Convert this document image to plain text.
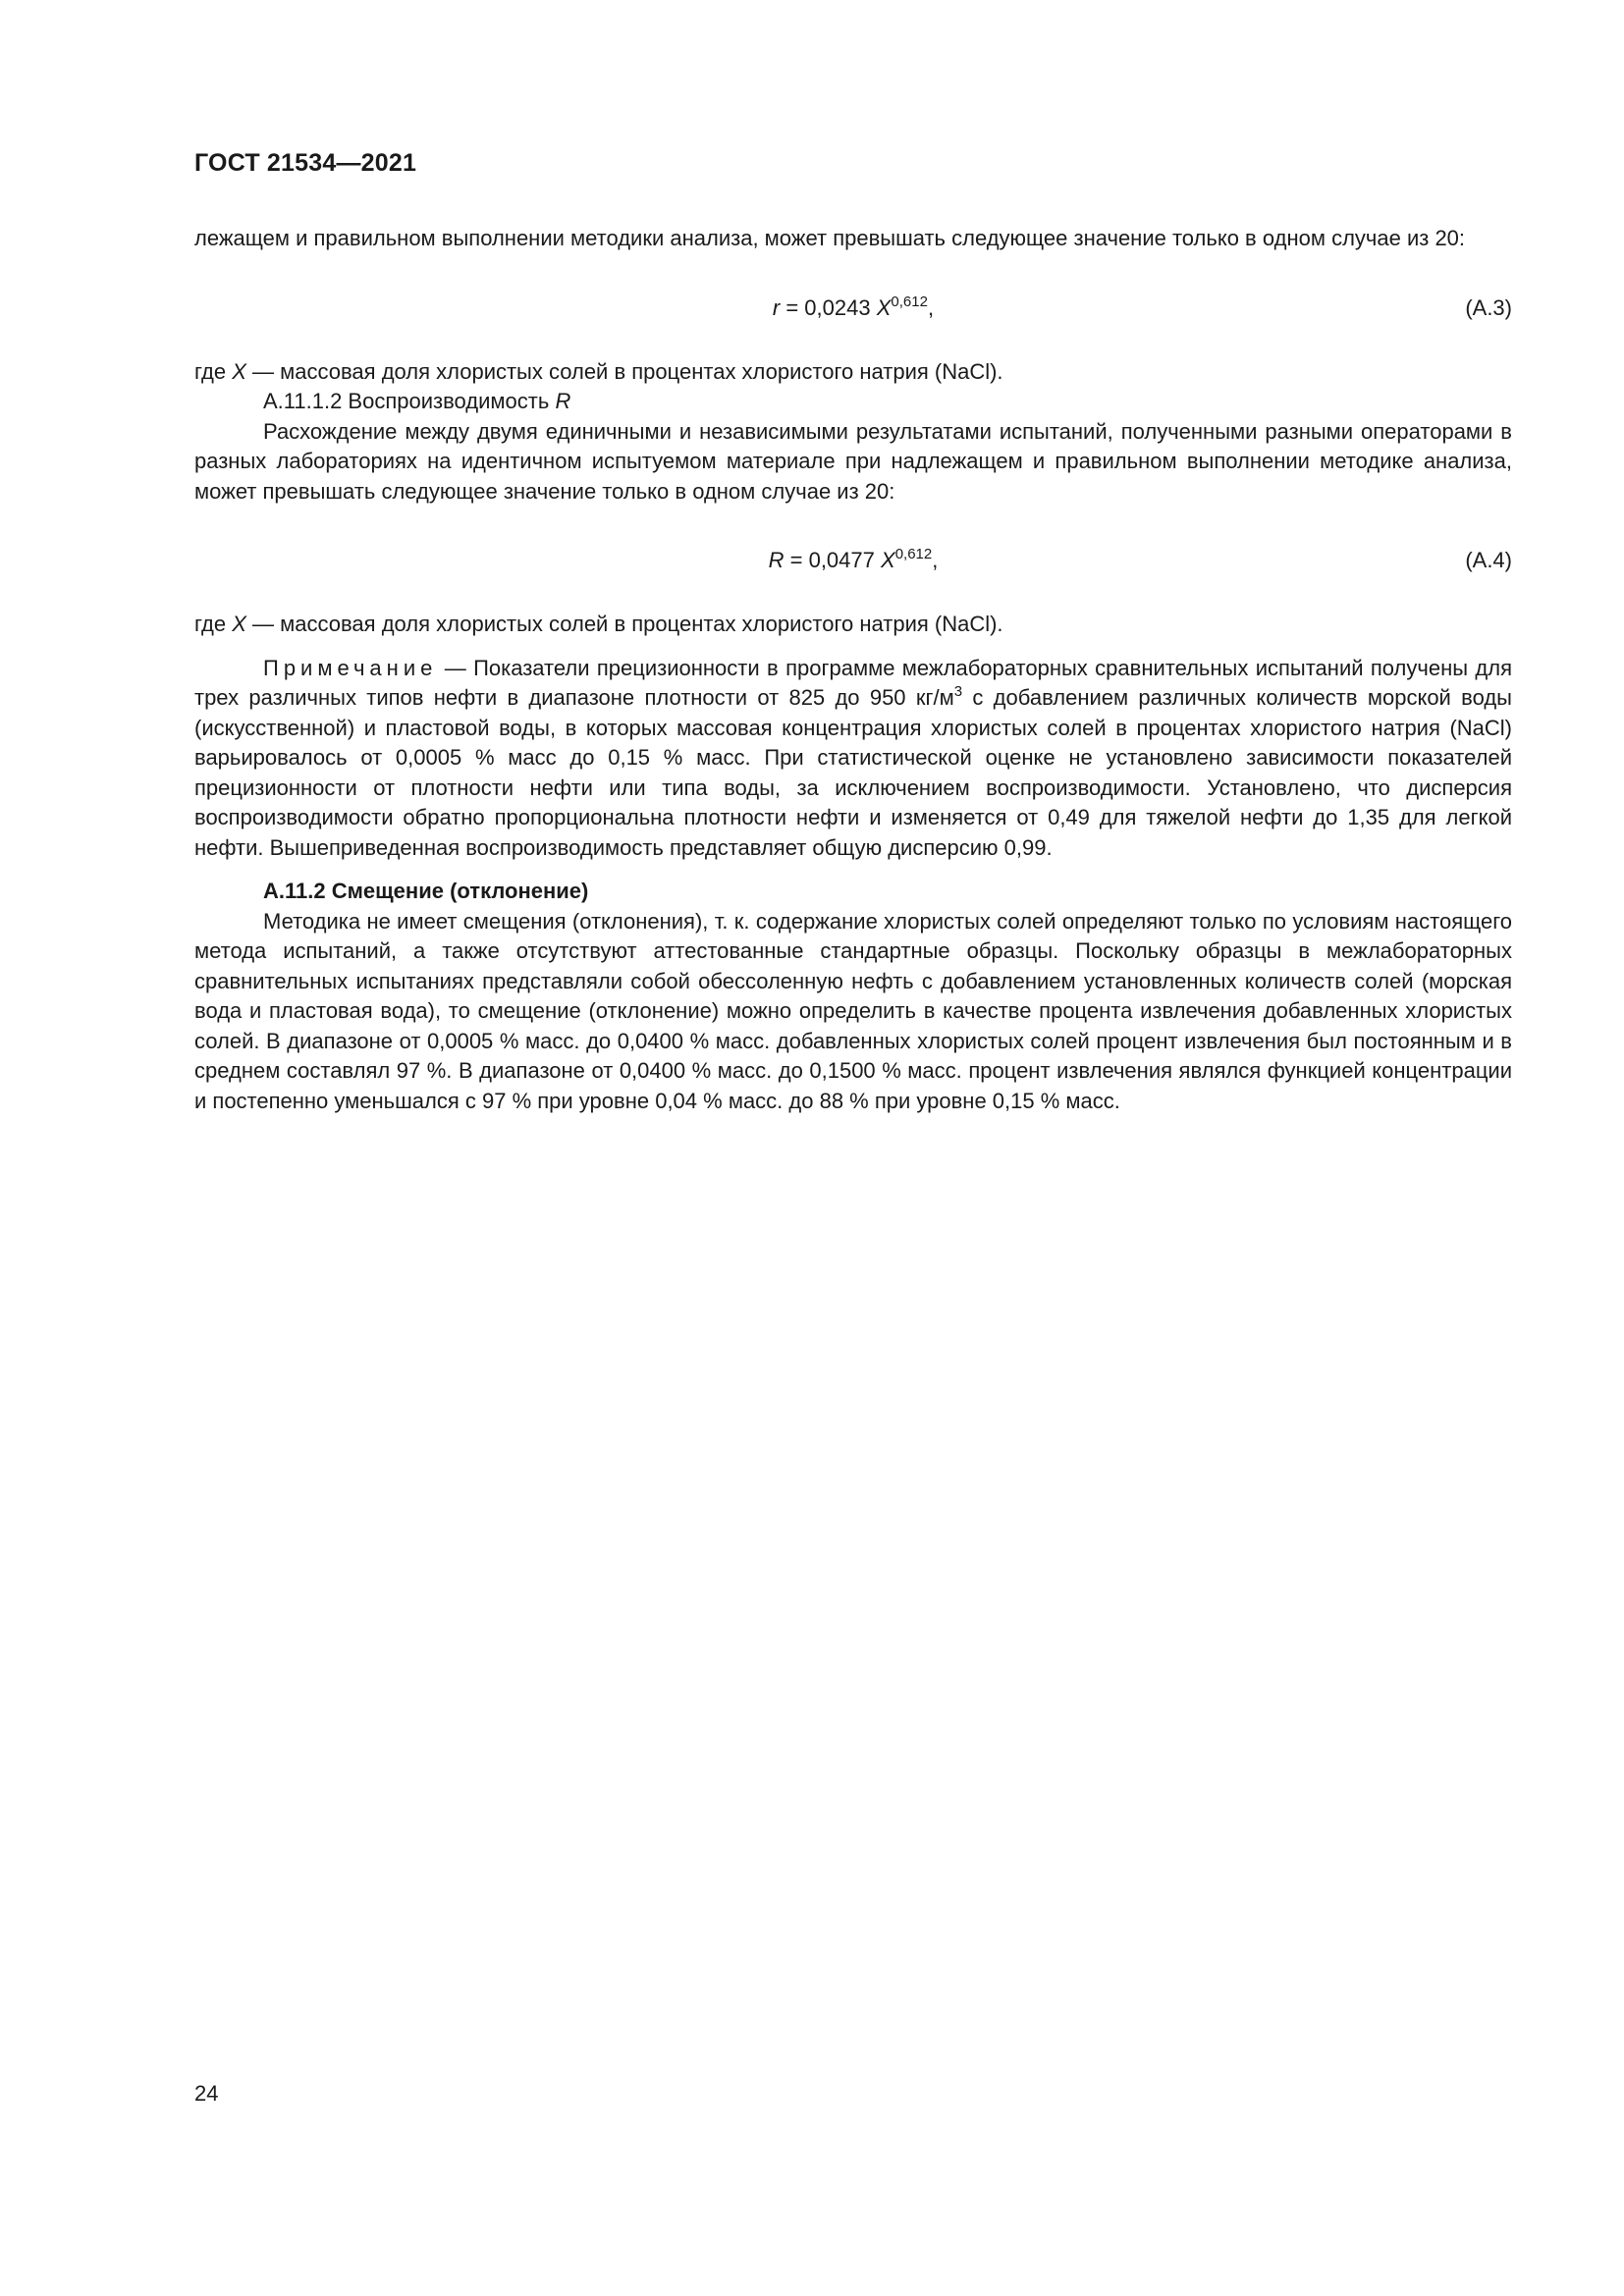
ГОСТ 21534—2021

лежащем и правильном выполнении методики анализа, может превышать следующее значение только в одном случае из 20:

r = 0,0243 X$^{0,612}$,	(А.3)

где X — массовая доля хлористых солей в процентах хлористого натрия (NaCl).

А.11.1.2 Воспроизводимость R

Расхождение между двумя единичными и независимыми результатами испытаний, полученными разными операторами в разных лабораториях на идентичном испытуемом материале при надлежащем и правильном выполнении методике анализа, может превышать следующее значение только в одном случае из 20:

R = 0,0477 X$^{0,612}$,	(А.4)

где X — массовая доля хлористых солей в процентах хлористого натрия (NaCl).

Примечание — Показатели прецизионности в программе межлабораторных сравнительных испытаний получены для трех различных типов нефти в диапазоне плотности от 825 до 950 $кг/м^3$ с добавлением различных количеств морской воды (искусственной) и пластовой воды, в которых массовая концентрация хлористых солей в процентах хлористого натрия (NaCl) варьировалось от 0,0005 % масс до 0,15 % масс. При статистической оценке не установлено зависимости показателей прецизионности от плотности нефти или типа воды, за исключением воспроизводимости. Установлено, что дисперсия воспроизводимости обратно пропорциональна плотности нефти и изменяется от 0,49 для тяжелой нефти до 1,35 для легкой нефти. Вышеприведенная воспроизводимость представляет общую дисперсию 0,99.

А.11.2 Смещение (отклонение)

Методика не имеет смещения (отклонения), т. к. содержание хлористых солей определяют только по условиям настоящего метода испытаний, а также отсутствуют аттестованные стандартные образцы. Поскольку образцы в межлабораторных сравнительных испытаниях представляли собой обессоленную нефть с добавлением установленных количеств солей (морская вода и пластовая вода), то смещение (отклонение) можно определить в качестве процента извлечения добавленных хлористых солей. В диапазоне от 0,0005 % масс. до 0,0400 % масс. добавленных хлористых солей процент извлечения был постоянным и в среднем составлял 97 %. В диапазоне от 0,0400 % масс. до 0,1500 % масс. процент извлечения являлся функцией концентрации и постепенно уменьшался с 97 % при уровне 0,04 % масс. до 88 % при уровне 0,15 % масс.

24
